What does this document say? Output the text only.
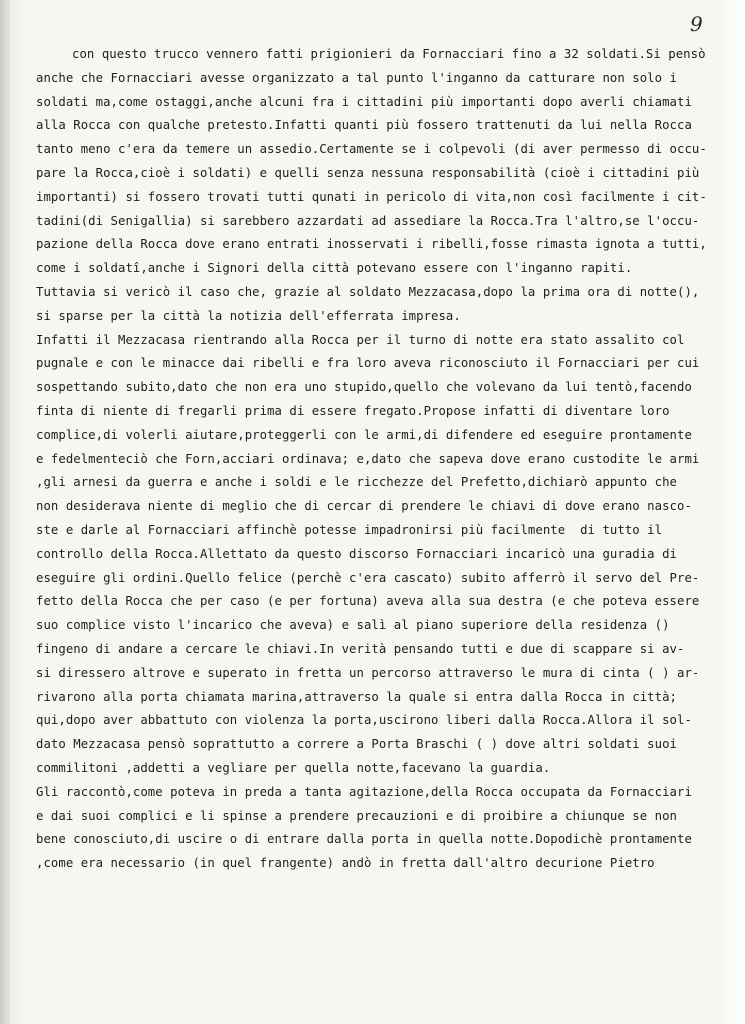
9
con questo trucco vennero fatti prigionieri da Fornacciari fino a 32 soldati.Si pensò
anche che Fornacciari avesse organizzato a tal punto l'inganno da catturare non solo i
soldati ma,come ostaggi,anche alcuni fra i cittadini più importanti dopo averli chiamati
alla Rocca con qualche pretesto.Infatti quanti più fossero trattenuti da lui nella Rocca
tanto meno c'era da temere un assedio.Certamente se i colpevoli (di aver permesso di occu-
pare la Rocca,cioè i soldati) e quelli senza nessuna responsabilità (cioè i cittadini più
importanti) si fossero trovati tutti qunati in pericolo di vita,non così facilmente i cit-
tadini(di Senigallia) si sarebbero azzardati ad assediare la Rocca.Tra l'altro,se l'occu-
pazione della Rocca dove erano entrati inosservati i ribelli,fosse rimasta ignota a tutti,
come i soldatî,anche i Signori della città potevano essere con l'inganno rapiti.
Tuttavia si vericò il caso che, grazie al soldato Mezzacasa,dopo la prima ora di notte(),
si sparse per la città la notizia dell'efferrata impresa.
Infatti il Mezzacasa rientrando alla Rocca per il turno di notte era stato assalito col
pugnale e con le minacce dai ribelli e fra loro aveva riconosciuto il Fornacciari per cui
sospettando subito,dato che non era uno stupido,quello che volevano da lui tentò,facendo
finta di niente di fregarli prima di essere fregato.Propose infatti di diventare loro
complice,di volerli aiutare,proteggerli con le armi,di difendere ed eseguire prontamente
e fedelmenteciò che Forn,acciari ordinava; e,dato che sapeva dove erano custodite le armi
,gli arnesi da guerra e anche i soldi e le ricchezze del Prefetto,dichiarò appunto che
non desiderava niente di meglio che di cercar di prendere le chiavi di dove erano nasco-
ste e darle al Fornacciari affinchè potesse impadronirsi più facilmente  di tutto il
controllo della Rocca.Allettato da questo discorso Fornacciari incaricò una guradia di
eseguire gli ordini.Quello felice (perchè c'era cascato) subito afferrò il servo del Pre-
fetto della Rocca che per caso (e per fortuna) aveva alla sua destra (e che poteva essere
suo complice visto l'incarico che aveva) e salì al piano superiore della residenza ()
fingeno di andare a cercare le chiavi.In verità pensando tutti e due di scappare si av-
si diressero altrove e superato in fretta un percorso attraverso le mura di cinta ( ) ar-
rivarono alla porta chiamata marina,attraverso la quale si entra dalla Rocca in città;
qui,dopo aver abbattuto con violenza la porta,uscirono liberi dalla Rocca.Allora il sol-
dato Mezzacasa pensò soprattutto a correre a Porta Braschi ( ) dove altri soldati suoi
commilitoni ,addetti a vegliare per quella notte,facevano la guardia.
Gli raccontò,come poteva in preda a tanta agitazione,della Rocca occupata da Fornacciari
e dai suoi complici e li spinse a prendere precauzioni e di proibire a chiunque se non
bene conosciuto,di uscire o di entrare dalla porta in quella notte.Dopodichè prontamente
,come era necessario (in quel frangente) andò in fretta dall'altro decurione Pietro
